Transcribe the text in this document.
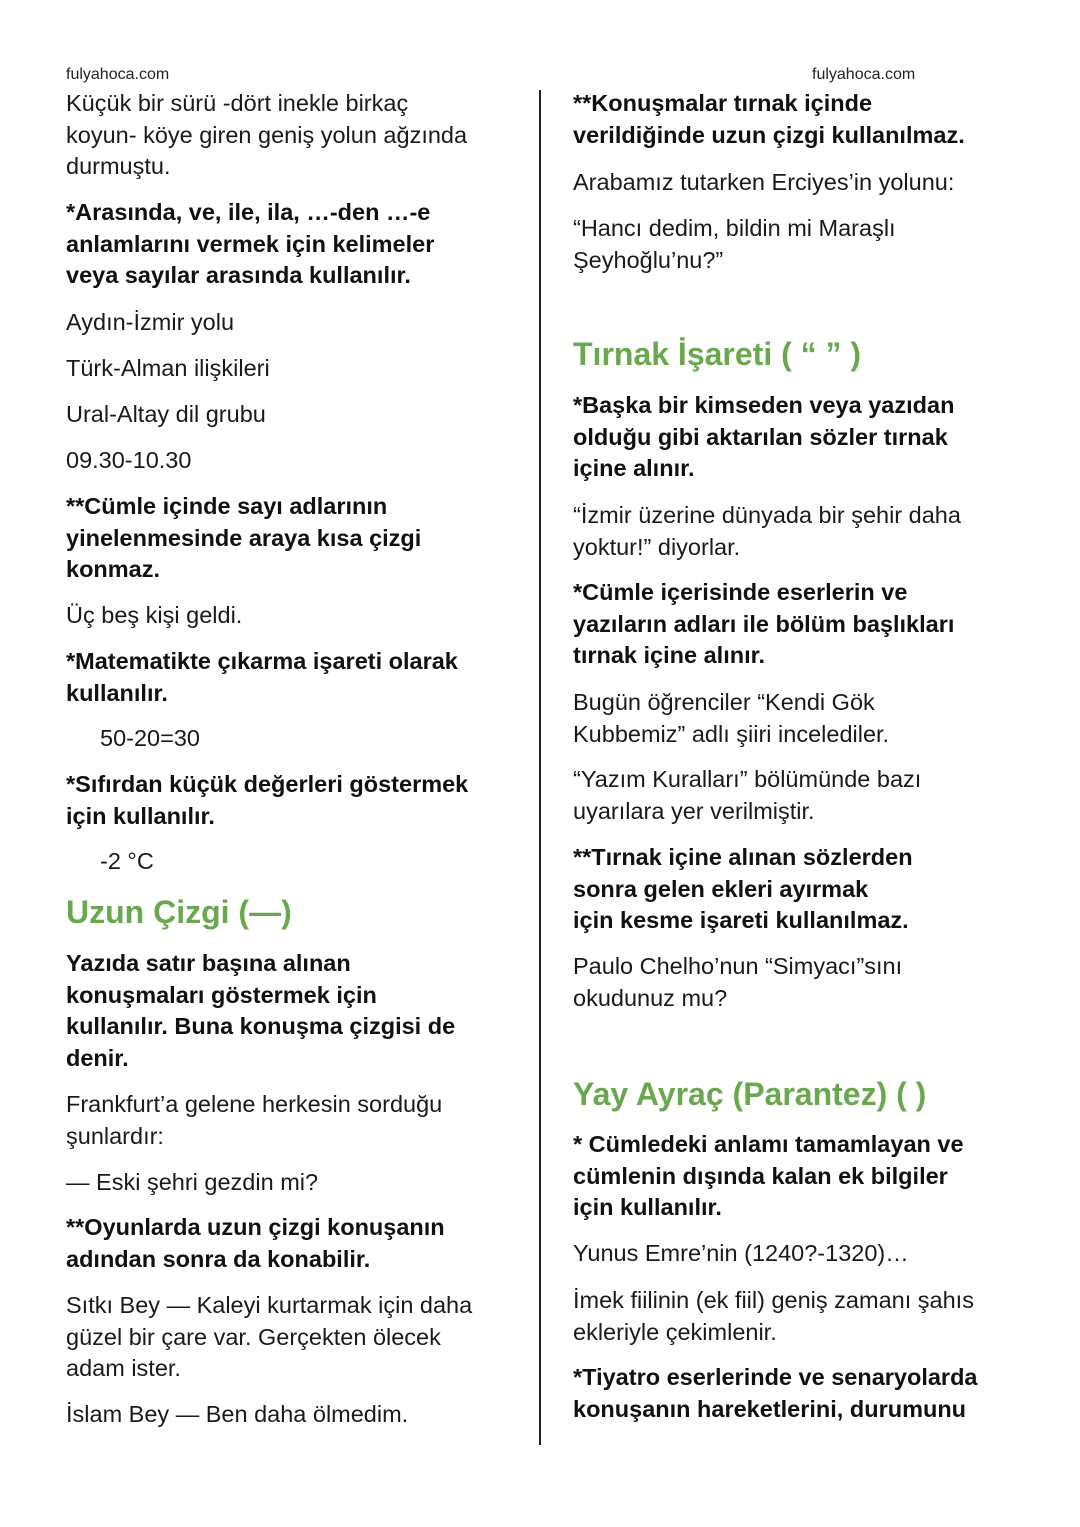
fulyahoca.com	fulyahoca.com

Küçük bir sürü -dört inekle birkaç
koyun- köye giren geniş yolun ağzında
durmuştu.

*Arasında, ve, ile, ila, …-den …-e
anlamlarını vermek için kelimeler
veya sayılar arasında kullanılır.

Aydın-İzmir yolu

Türk-Alman ilişkileri

Ural-Altay dil grubu

09.30-10.30

**Cümle içinde sayı adlarının
yinelenmesinde araya kısa çizgi
konmaz.

Üç beş kişi geldi.

*Matematikte çıkarma işareti olarak
kullanılır.

50-20=30

*Sıfırdan küçük değerleri göstermek
için kullanılır.

-2 °C

Uzun Çizgi (—)

Yazıda satır başına alınan
konuşmaları göstermek için
kullanılır. Buna konuşma çizgisi de
denir.

Frankfurt’a gelene herkesin sorduğu
şunlardır:

— Eski şehri gezdin mi?

**Oyunlarda uzun çizgi konuşanın
adından sonra da konabilir.

Sıtkı Bey — Kaleyi kurtarmak için daha
güzel bir çare var. Gerçekten ölecek
adam ister.

İslam Bey — Ben daha ölmedim.

**Konuşmalar tırnak içinde
verildiğinde uzun çizgi kullanılmaz.

Arabamız tutarken Erciyes’in yolunu:

“Hancı dedim, bildin mi Maraşlı
Şeyhoğlu’nu?”

Tırnak İşareti ( “ ” )

*Başka bir kimseden veya yazıdan
olduğu gibi aktarılan sözler tırnak
içine alınır.

“İzmir üzerine dünyada bir şehir daha
yoktur!” diyorlar.

*Cümle içerisinde eserlerin ve
yazıların adları ile bölüm başlıkları
tırnak içine alınır.

Bugün öğrenciler “Kendi Gök
Kubbemiz” adlı şiiri incelediler.

“Yazım Kuralları” bölümünde bazı
uyarılara yer verilmiştir.

**Tırnak içine alınan sözlerden
sonra gelen ekleri ayırmak
için kesme işareti kullanılmaz.

Paulo Chelho’nun “Simyacı”sını
okudunuz mu?

Yay Ayraç (Parantez) ( )

* Cümledeki anlamı tamamlayan ve
cümlenin dışında kalan ek bilgiler
için kullanılır.

Yunus Emre’nin (1240?-1320)…

İmek fiilinin (ek fiil) geniş zamanı şahıs
ekleriyle çekimlenir.

*Tiyatro eserlerinde ve senaryolarda
konuşanın hareketlerini, durumunu
